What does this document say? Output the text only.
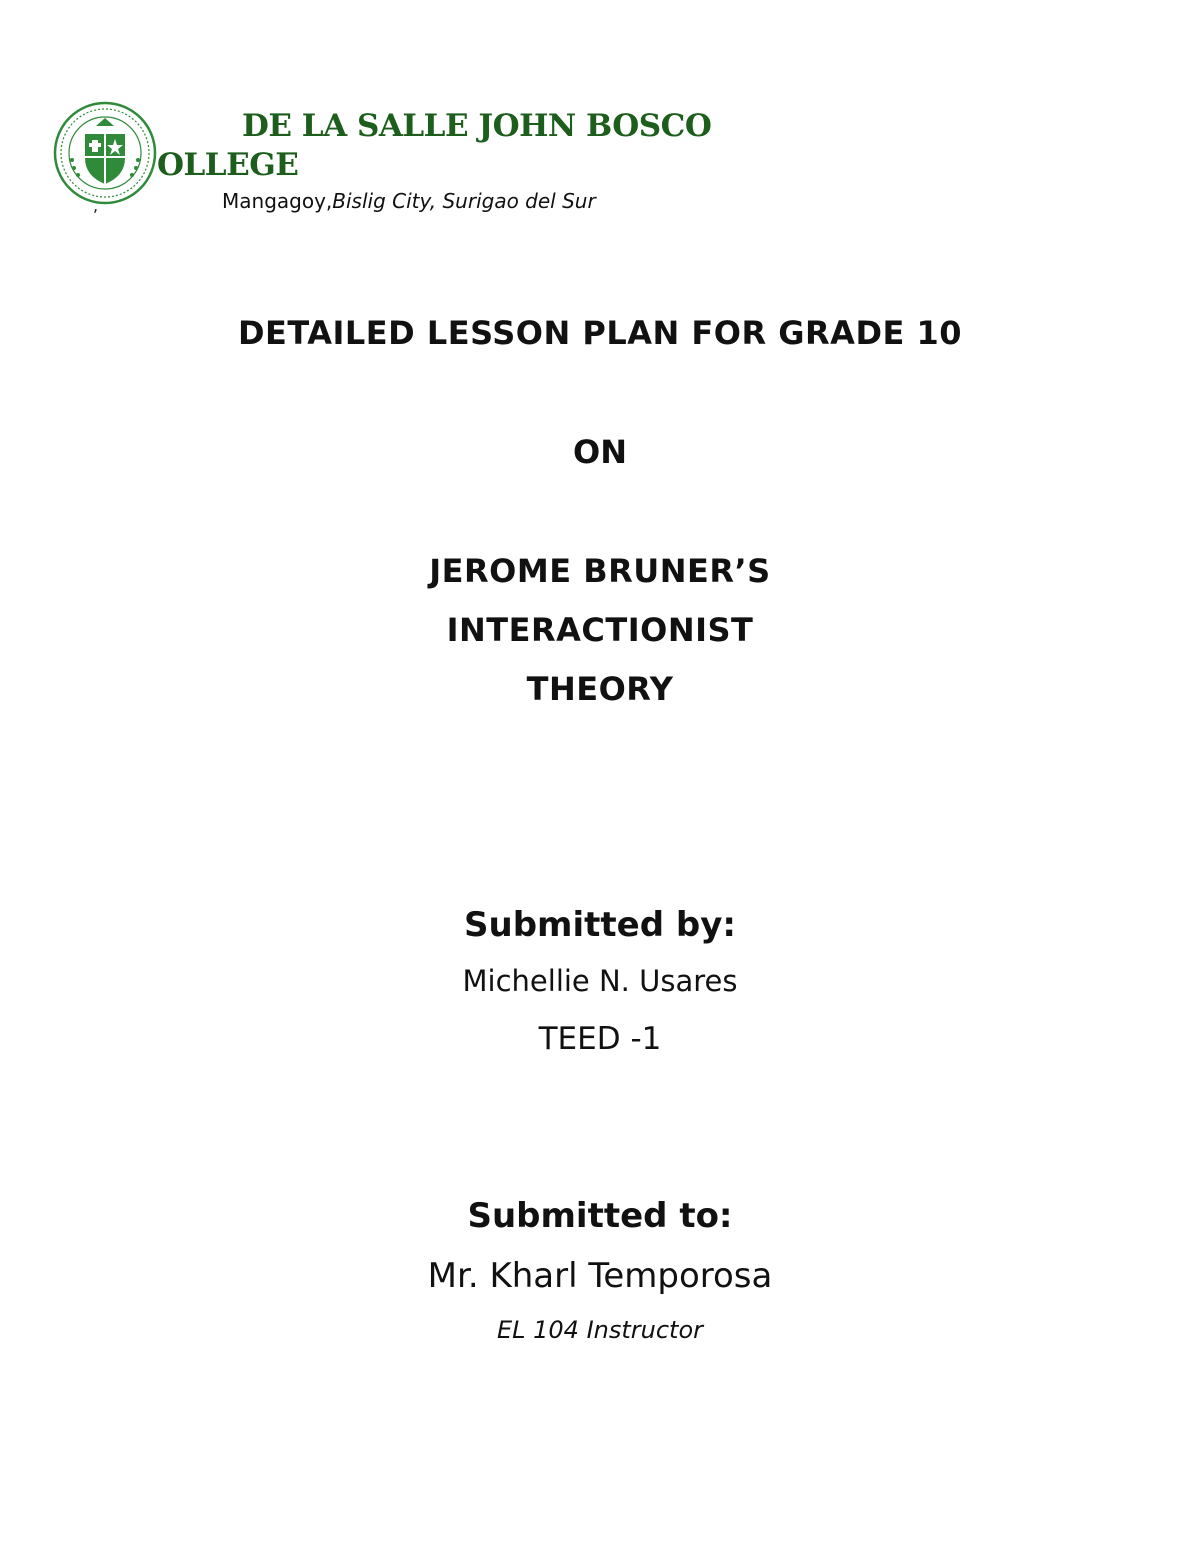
DE LA SALLE JOHN BOSCO
OLLEGE
,	Mangagoy,Bislig City, Surigao del Sur
DETAILED LESSON PLAN FOR GRADE 10
ON
JEROME BRUNER’S
INTERACTIONIST
THEORY
Submitted by:
Michellie N. Usares
TEED -1
Submitted to:
Mr. Kharl Temporosa
EL 104 Instructor
